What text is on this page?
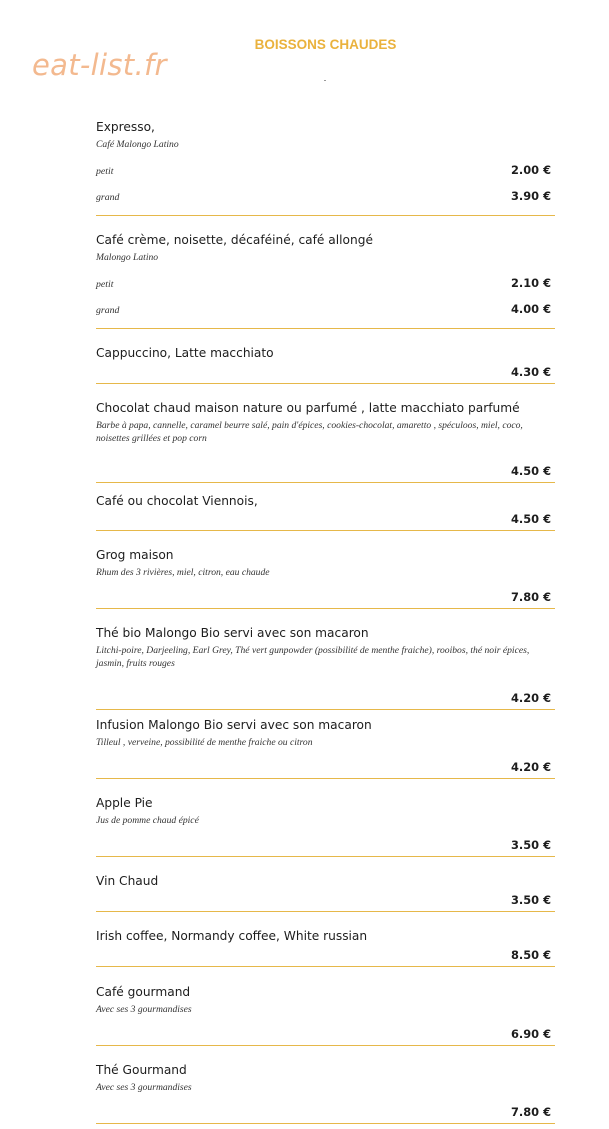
eat-list.fr
BOISSONS CHAUDES
Expresso,
Café Malongo Latino
petit	2.00 €
grand	3.90 €
Café crème, noisette, décaféiné, café allongé
Malongo Latino
petit	2.10 €
grand	4.00 €
Cappuccino, Latte macchiato
4.30 €
Chocolat chaud maison nature ou parfumé , latte macchiato parfumé
Barbe à papa, cannelle, caramel beurre salé, pain d'épices, cookies-chocolat, amaretto , spéculoos, miel, coco, noisettes grillées et pop corn
4.50 €
Café ou chocolat Viennois,
4.50 €
Grog maison
Rhum des 3 rivières, miel, citron, eau chaude
7.80 €
Thé bio Malongo Bio servi avec son macaron
Litchi-poire, Darjeeling, Earl Grey, Thé vert gunpowder (possibilité de menthe fraiche), rooibos, thé noir épices, jasmin, fruits rouges
4.20 €
Infusion Malongo Bio servi avec son macaron
Tilleul , verveine, possibilité de menthe fraiche ou citron
4.20 €
Apple Pie
Jus de pomme chaud épicé
3.50 €
Vin Chaud
3.50 €
Irish coffee, Normandy coffee, White russian
8.50 €
Café gourmand
Avec ses 3 gourmandises
6.90 €
Thé Gourmand
Avec ses 3 gourmandises
7.80 €
